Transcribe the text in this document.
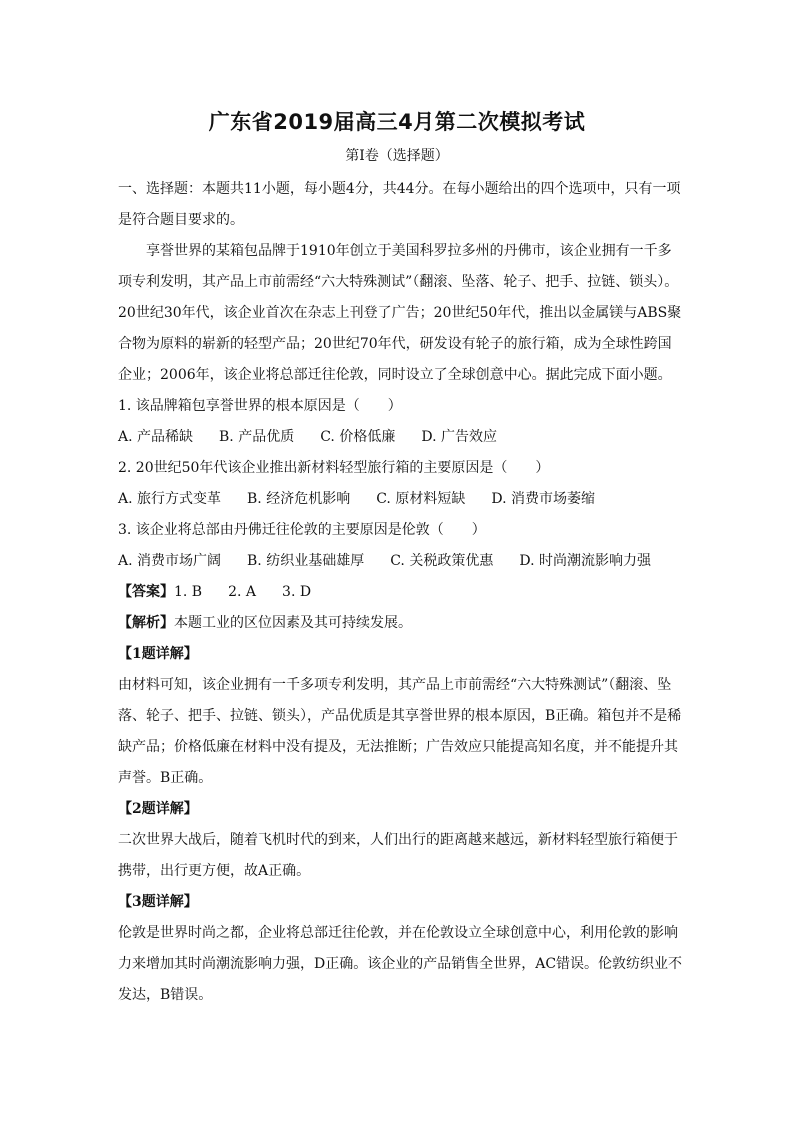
广东省2019届高三4月第二次模拟考试
第I卷（选择题）

一、选择题：本题共11小题，每小题4分，共44分。在每小题给出的四个选项中，只有一项是符合题目要求的。

享誉世界的某箱包品牌于1910年创立于美国科罗拉多州的丹佛市，该企业拥有一千多项专利发明，其产品上市前需经“六大特殊测试”（翻滚、坠落、轮子、把手、拉链、锁头）。20世纪30年代，该企业首次在杂志上刊登了广告；20世纪50年代，推出以金属镁与ABS聚合物为原料的崭新的轻型产品；20世纪70年代，研发设有轮子的旅行箱，成为全球性跨国企业；2006年，该企业将总部迁往伦敦，同时设立了全球创意中心。据此完成下面小题。

1. 该品牌箱包享誉世界的根本原因是（　　）

A. 产品稀缺 B. 产品优质 C. 价格低廉 D. 广告效应

2. 20世纪50年代该企业推出新材料轻型旅行箱的主要原因是（　　）

A. 旅行方式变革 B. 经济危机影响 C. 原材料短缺 D. 消费市场萎缩

3. 该企业将总部由丹佛迁往伦敦的主要原因是伦敦（　　）

A. 消费市场广阔 B. 纺织业基础雄厚 C. 关税政策优惠 D. 时尚潮流影响力强

【答案】1. B 2. A 3. D

【解析】本题工业的区位因素及其可持续发展。

【1题详解】

由材料可知，该企业拥有一千多项专利发明，其产品上市前需经“六大特殊测试”（翻滚、坠落、轮子、把手、拉链、锁头），产品优质是其享誉世界的根本原因，B正确。箱包并不是稀缺产品；价格低廉在材料中没有提及，无法推断；广告效应只能提高知名度，并不能提升其声誉。B正确。

【2题详解】

二次世界大战后，随着飞机时代的到来，人们出行的距离越来越远，新材料轻型旅行箱便于携带，出行更方便，故A正确。

【3题详解】

伦敦是世界时尚之都，企业将总部迁往伦敦，并在伦敦设立全球创意中心，利用伦敦的影响力来增加其时尚潮流影响力强，D正确。该企业的产品销售全世界，AC错误。伦敦纺织业不发达，B错误。
